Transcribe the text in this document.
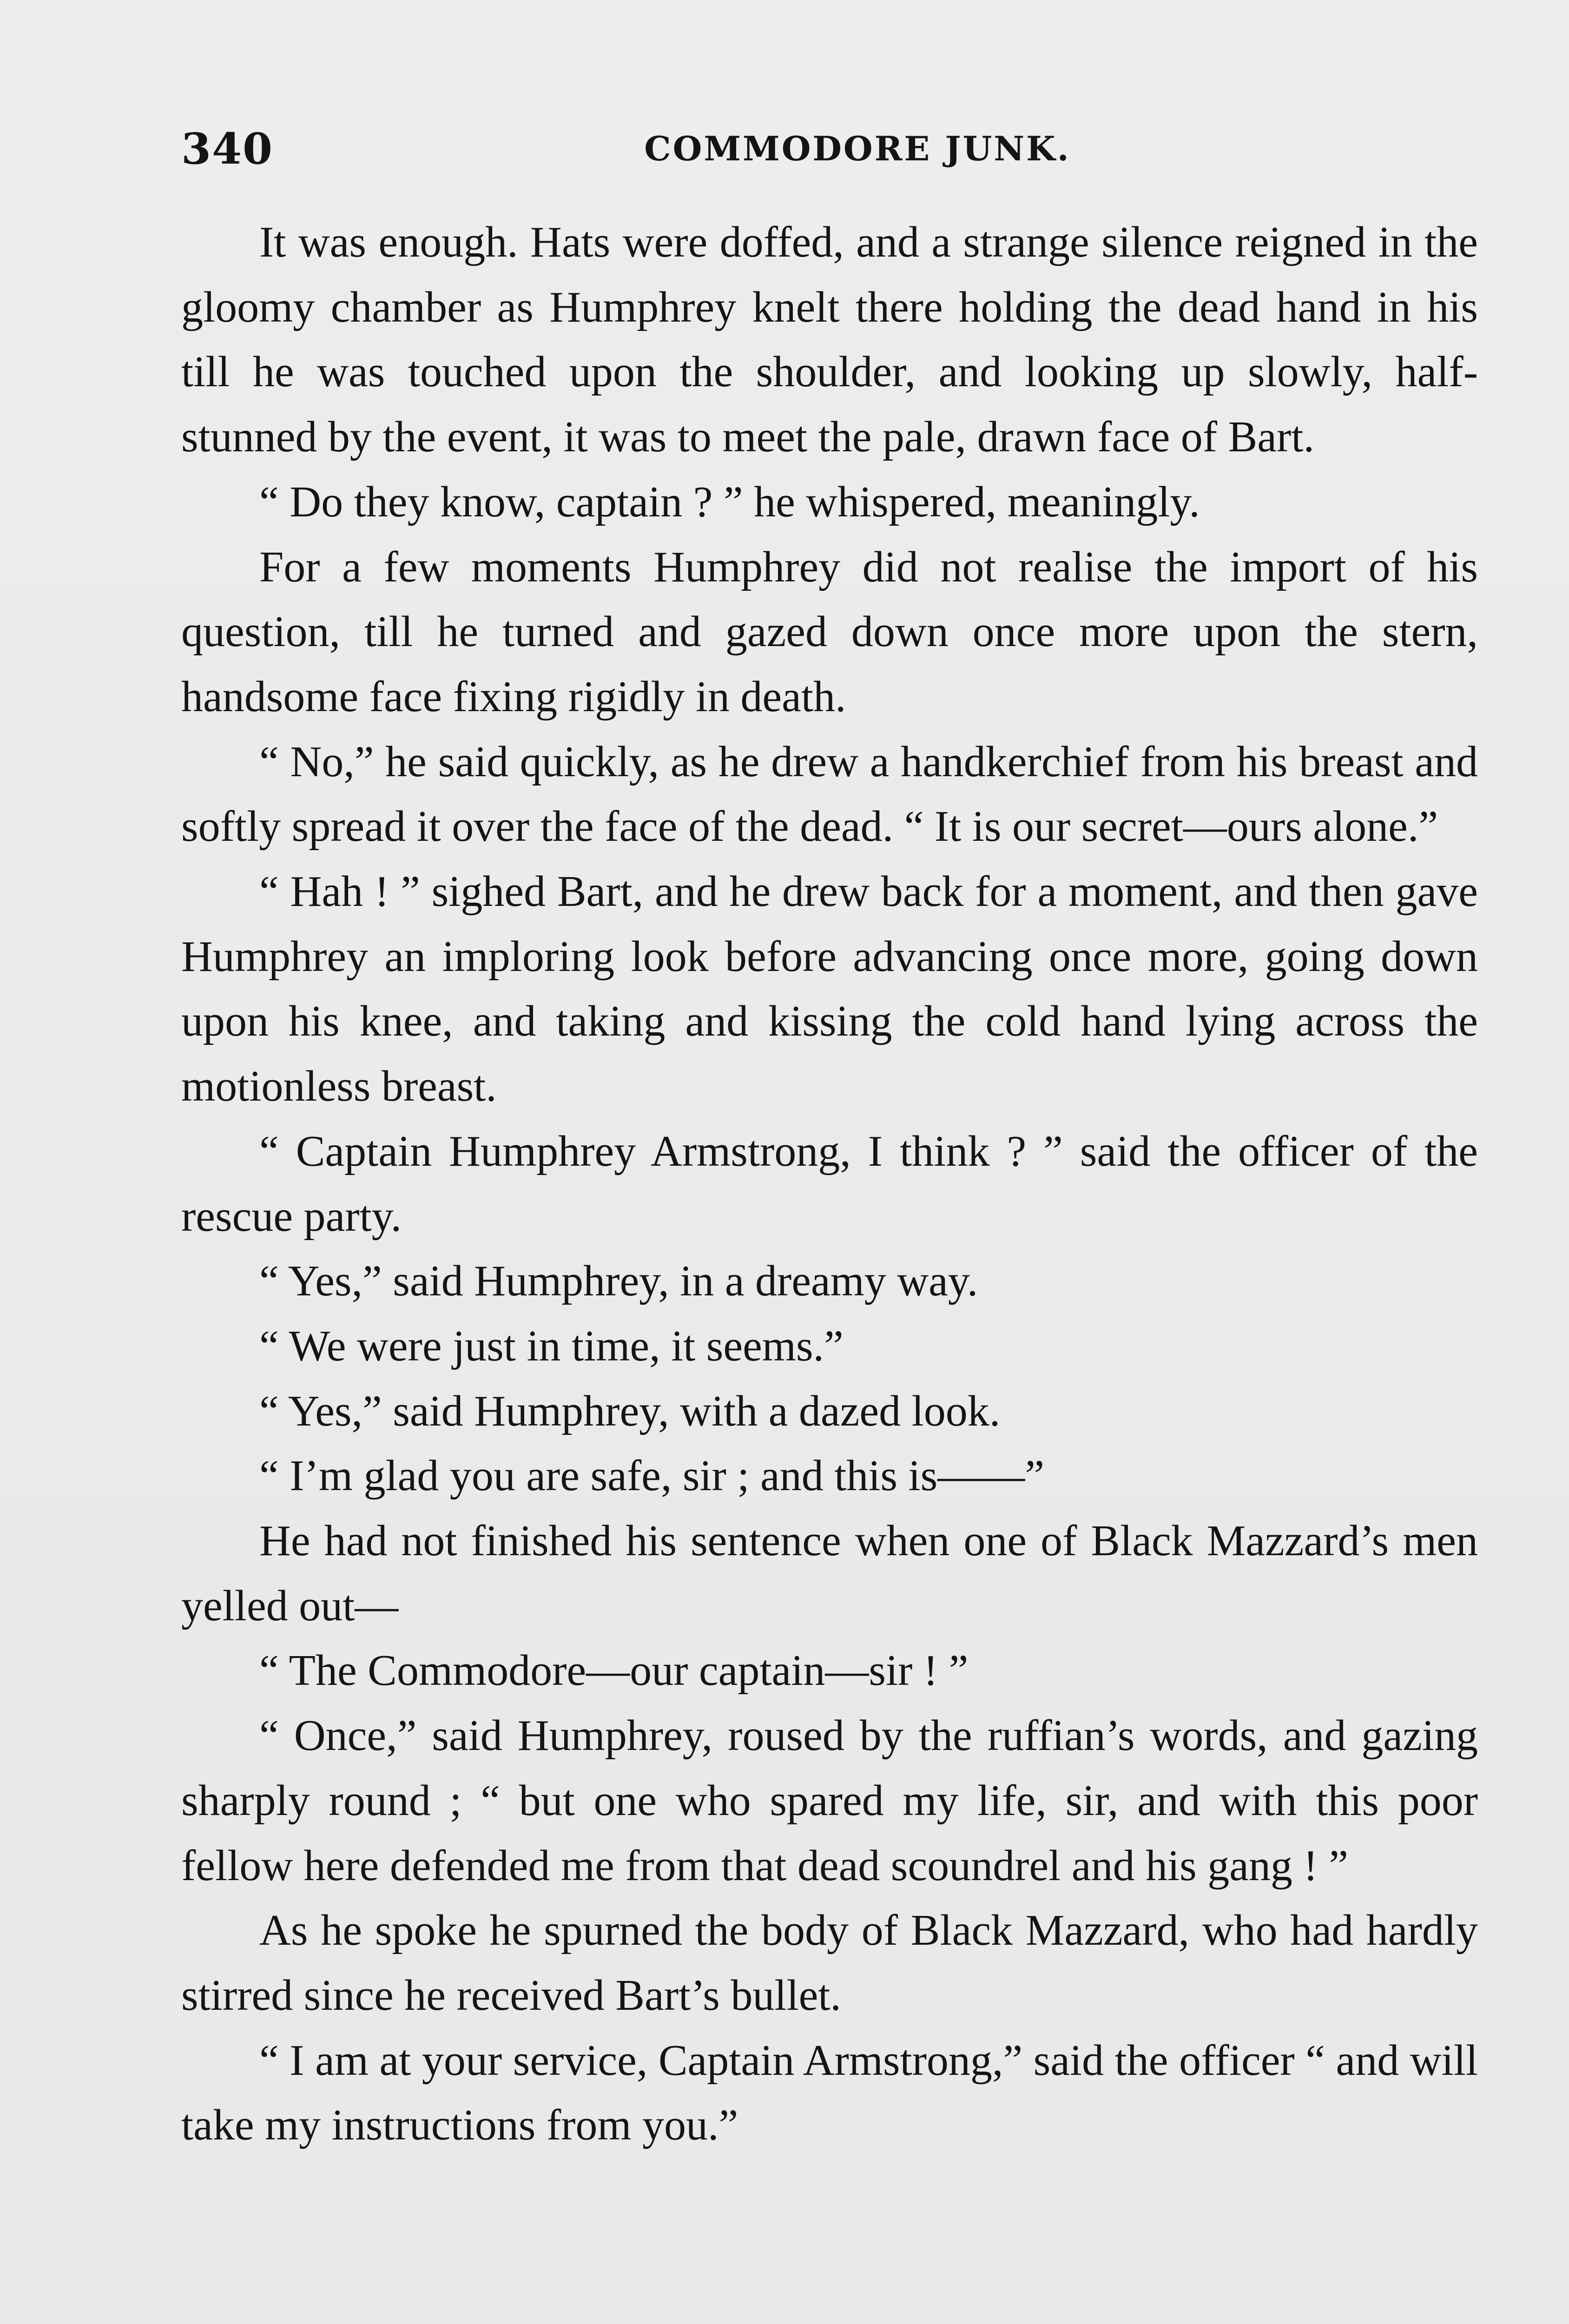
340	COMMODORE JUNK.

It was enough. Hats were doffed, and a strange silence reigned in the gloomy chamber as Humphrey knelt there holding the dead hand in his till he was touched upon the shoulder, and looking up slowly, half-stunned by the event, it was to meet the pale, drawn face of Bart.

“ Do they know, captain ? ” he whispered, meaningly.

For a few moments Humphrey did not realise the import of his question, till he turned and gazed down once more upon the stern, handsome face fixing rigidly in death.

“ No,” he said quickly, as he drew a handkerchief from his breast and softly spread it over the face of the dead. “ It is our secret—ours alone.”

“ Hah ! ” sighed Bart, and he drew back for a moment, and then gave Humphrey an imploring look before advancing once more, going down upon his knee, and taking and kissing the cold hand lying across the motionless breast.

“ Captain Humphrey Armstrong, I think ? ” said the officer of the rescue party.

“ Yes,” said Humphrey, in a dreamy way.

“ We were just in time, it seems.”

“ Yes,” said Humphrey, with a dazed look.

“ I’m glad you are safe, sir ; and this is——”

He had not finished his sentence when one of Black Mazzard’s men yelled out—

“ The Commodore—our captain—sir ! ”

“ Once,” said Humphrey, roused by the ruffian’s words, and gazing sharply round ; “ but one who spared my life, sir, and with this poor fellow here defended me from that dead scoundrel and his gang ! ”

As he spoke he spurned the body of Black Mazzard, who had hardly stirred since he received Bart’s bullet.

“ I am at your service, Captain Armstrong,” said the officer “ and will take my instructions from you.”
